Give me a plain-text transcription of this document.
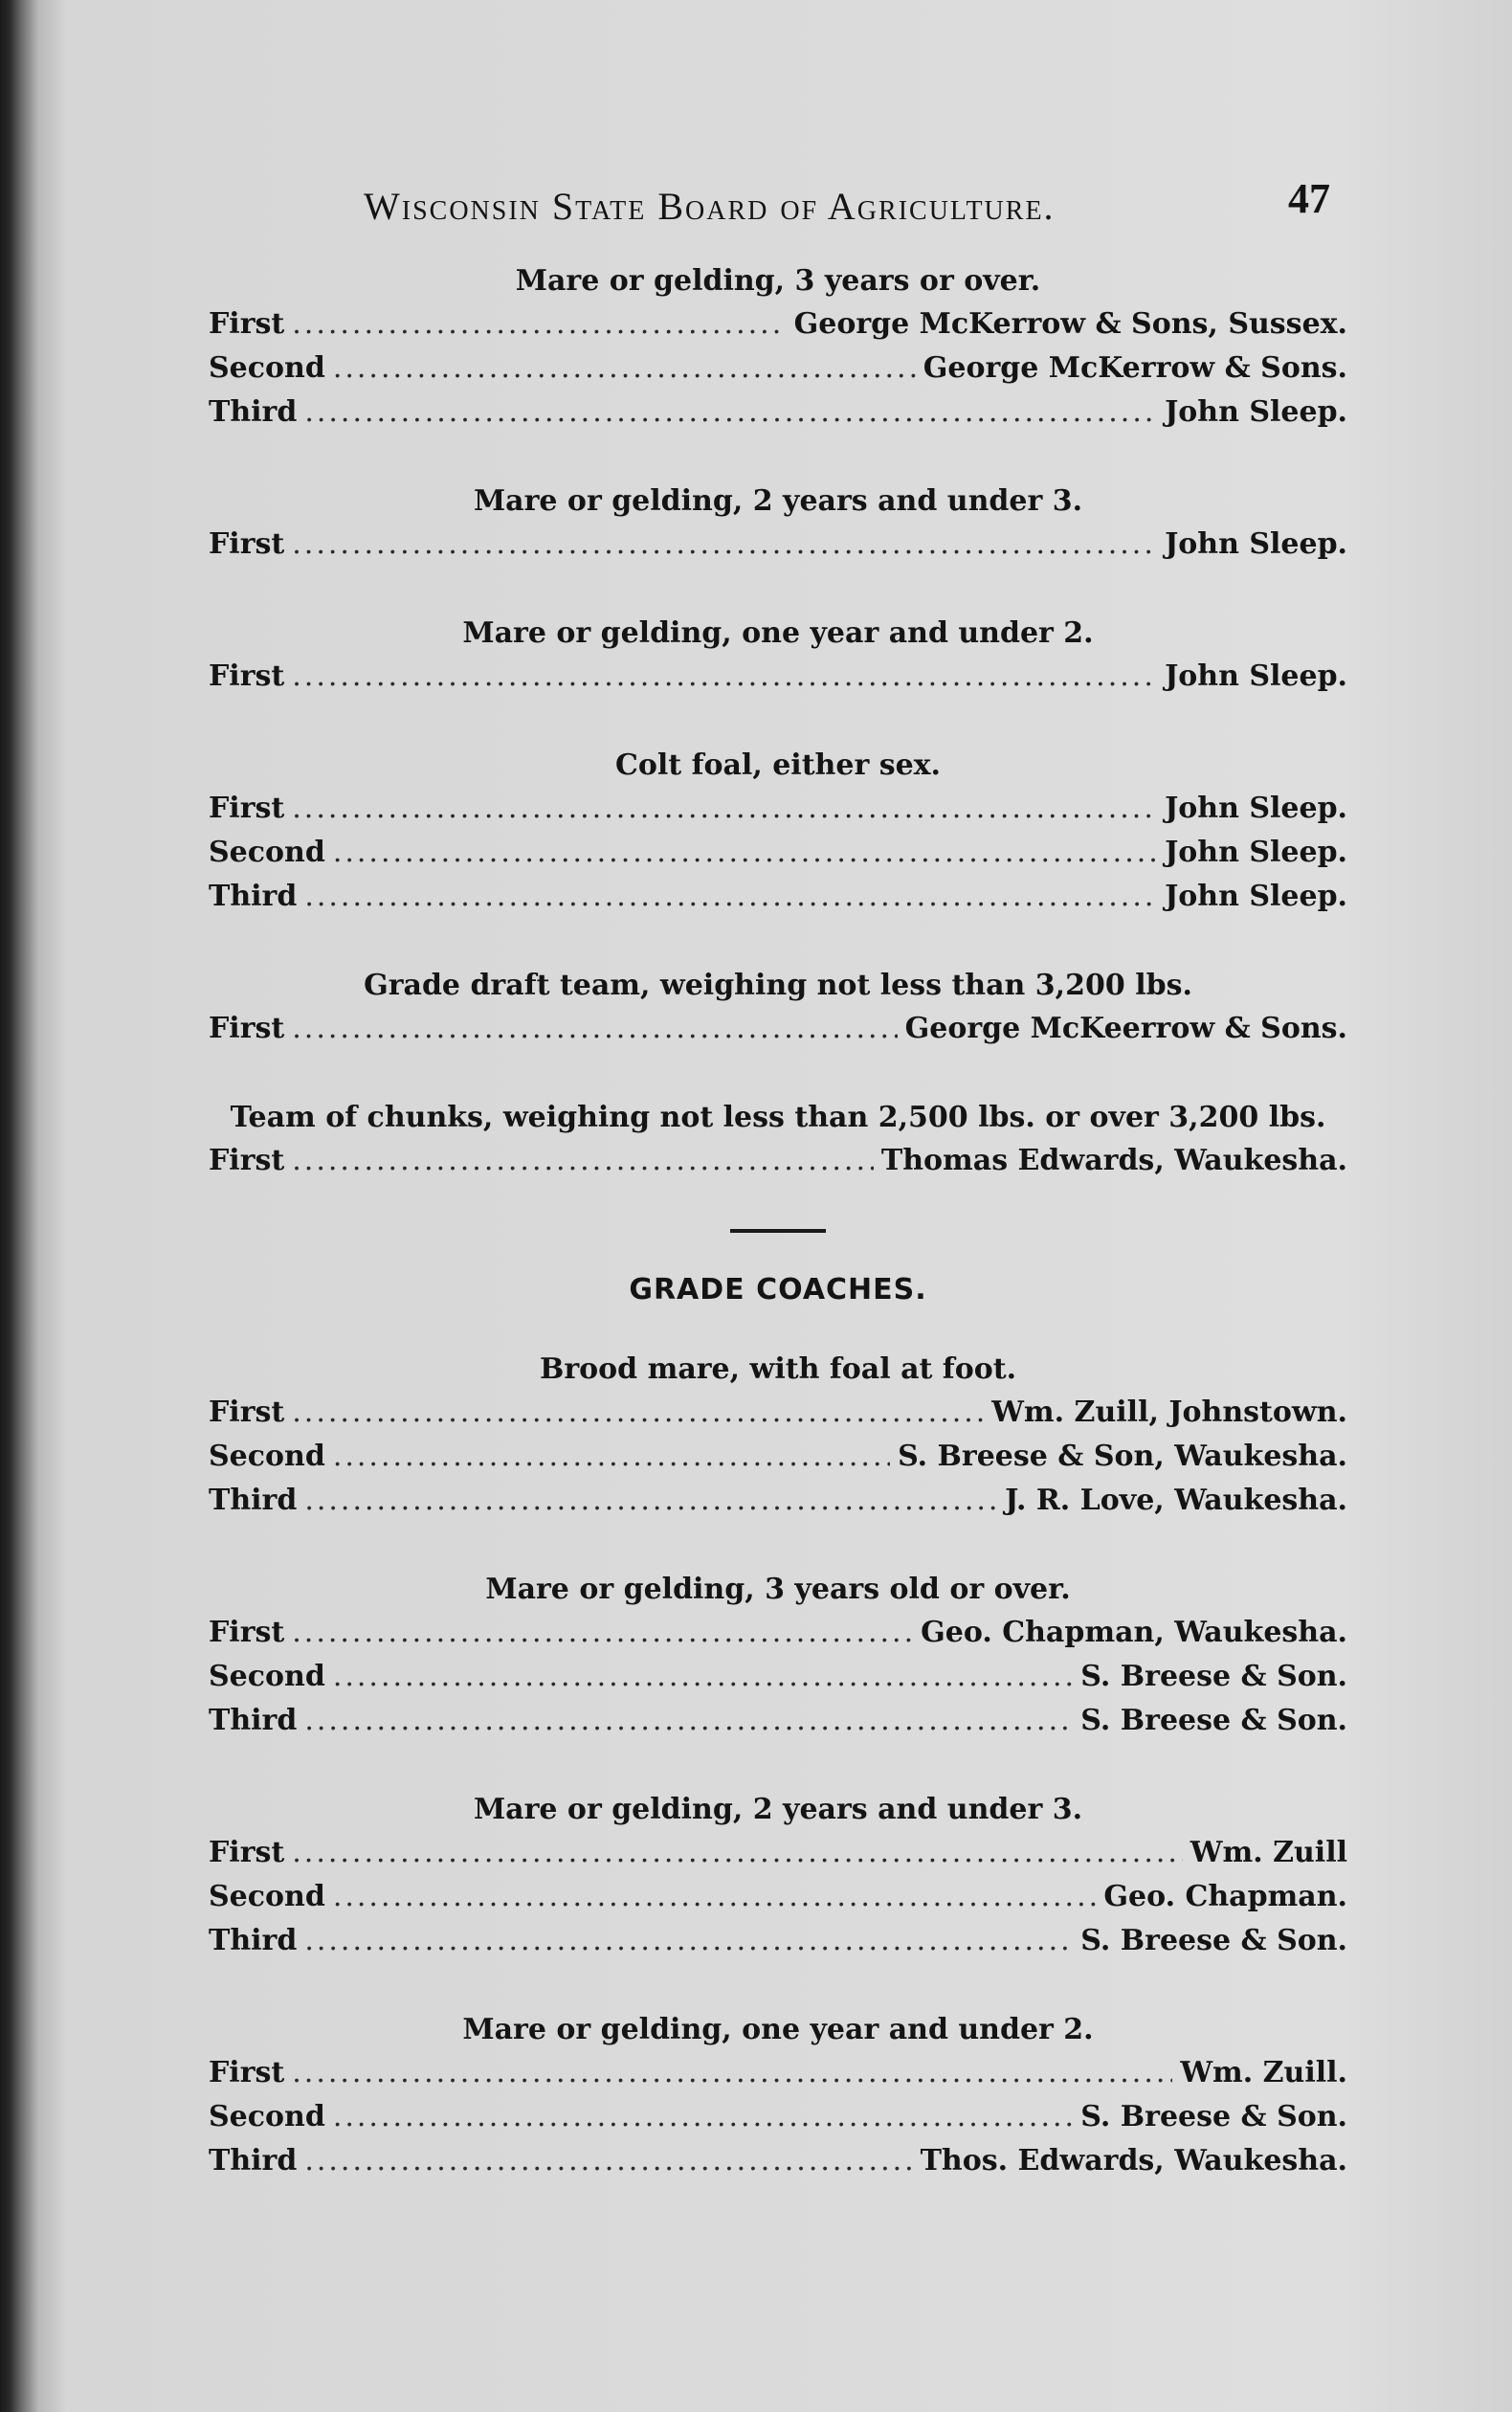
Wisconsin State Board of Agriculture.	47
Mare or gelding, 3 years or over.
First .....	George McKerrow & Sons, Sussex.
Second .....	George McKerrow & Sons.
Third .....	John Sleep.
Mare or gelding, 2 years and under 3.
First .....	John Sleep.
Mare or gelding, one year and under 2.
First .....	John Sleep.
Colt foal, either sex.
First .....	John Sleep.
Second .....	John Sleep.
Third .....	John Sleep.
Grade draft team, weighing not less than 3,200 lbs.
First .....	George McKeerrow & Sons.
Team of chunks, weighing not less than 2,500 lbs. or over 3,200 lbs.
First .....	Thomas Edwards, Waukesha.
GRADE COACHES.
Brood mare, with foal at foot.
First .....	Wm. Zuill, Johnstown.
Second .....	S. Breese & Son, Waukesha.
Third .....	J. R. Love, Waukesha.
Mare or gelding, 3 years old or over.
First .....	Geo. Chapman, Waukesha.
Second .....	S. Breese & Son.
Third .....	S. Breese & Son.
Mare or gelding, 2 years and under 3.
First .....	Wm. Zuill
Second .....	Geo. Chapman.
Third .....	S. Breese & Son.
Mare or gelding, one year and under 2.
First .....	Wm. Zuill.
Second .....	S. Breese & Son.
Third .....	Thos. Edwards, Waukesha.
